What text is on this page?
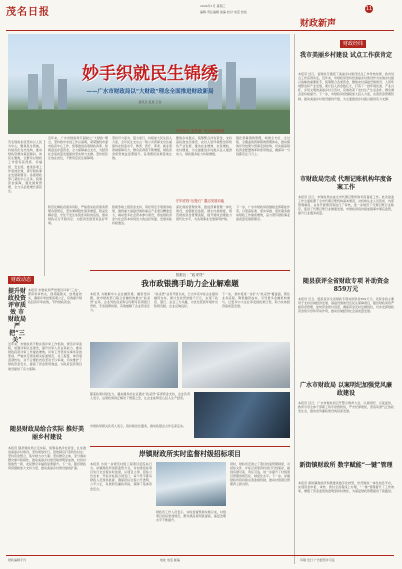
茂名日报
2024年1月 星期三
编辑 责任编辑 美编 校对 电话 热线
财政新声
11
妙手织就民生锦绣
——广水市财政局以“大财政”理念全面推进财政新局
通讯员 报道 记者
茂名财政系统坚持以人民为中心，聚焦民生领域，持续优化支出结构，推动财政资源向基层倾斜，向民生聚焦，让群众对财政工作更有获得感、幸福感、安全感，推进各项工作落地见效，谱写财政事业发展新篇章。各级财政部门紧扣中心任务，统筹资金保障，强化绩效管理，全力以赴稳增长保民生。
写好民生“必答卷” 夯实发展基础
近年来，广水市财政局牢固树立“大财政”理念，坚持稳中求进工作总基调，紧紧围绕市委市政府中心工作，统筹推进各项财政改革，积极盘活存量资金，全力保障重点支出，为经济社会高质量发展提供坚实财力支撑。坚持把民生放在首位，不断织密民生保障网。
坚持尽力而为、量力而行，持续加大民生投入力度，全年民生支出占一般公共预算支出比重保持在较高水平，教育、医疗、养老、就业等领域保障有力，群众获得感不断增强，财政资金使用效益显著提升，各项惠民政策落地生效。
聚焦乡村振兴，统筹整合涉农资金，支持高标准农田建设、农村人居环境整治和特色产业发展，推动农业增效、农民增收、农村增美，为全面推进乡村振兴注入强劲动力，财政服务能力持续增强。
强化预算绩效管理，构建全方位、全过程、全覆盖的预算绩效管理体系，推动绩效评价结果与预算安排挂钩，切实提高财政资金配置效率和使用效益，确保每一分钱都花在刀刃上。
守牢底线“压舱石” 激活发展动能
防范化解政府债务风险，严格落实政府债务管理各项规定，坚决遏制隐性债务增量，稳妥化解存量，守住不发生系统性风险的底线，推动财政运行平稳有序，为经济发展营造良好环境。
积极争取上级资金支持，用好用足专项债券政策，围绕重大基础设施和重点产业项目精准发力，撬动更多社会资本参与建设，形成财政资金与社会资本协同发力的良好局面，发展动能持续激活。
深化财政管理改革，推进预算管理一体化建设，加强财会监督，健全内控制度，规范财政资金管理流程，提升财政治理能力现代化水平，为各项事业发展保驾护航。
下一步，广水市财政局将继续发挥职能作用，以更高标准、更实举措、更优服务推动财政工作提质增效，奋力谱写财政事业高质量发展新篇章。
财政经纬
我市美丽乡村建设 试点工作获肯定
本报讯 近日，省财政厅通报了美丽乡村建设试点工作考核结果，我市试点工作获得肯定。近年来，市财政局坚持把美丽乡村建设作为实施乡村振兴战略的重要抓手，统筹整合各类资金，聚焦农村基础设施建设、人居环境整治和产业发展，累计投入资金数亿元，打造了一批环境优美、产业兴旺、乡风文明的美丽乡村示范村，有效改善了农村生产生活条件，群众满意度持续提升。下一步，市财政局将继续加大投入力度，完善资金管理机制，推动美丽乡村建设提档升级，为全面推进乡村振兴提供有力支撑。
市财政局完成 代理记账机构年度备案工作
本报讯 近日，市财政局完成全市代理记账机构年度备案工作。此次备案工作全面梳理了全市代理记账机构基本情况，对机构从业人员资质、内部管理制度、业务开展情况等进行了审核，进一步规范了代理记账行业秩序，促进了代理记账行业健康发展。市财政局将持续加强事中事后监管，提升行业服务质量。
随县获评全省财政专项 补助资金859万元
本报讯 近日，随县获评全省财政专项补助资金859万元。该资金将主要用于支持县域经济发展、基础设施建设及民生保障项目，随县财政局将严格资金管理，加快资金拨付进度，确保资金及时足额到位，切实发挥财政资金的引导和带动作用，推动县域经济社会高质量发展。
广水市财政局 以案明纪加强党风廉政建设
本报讯 近日，广水市财政局召开警示教育大会，以案明纪、以案促改，教育引导全体干部职工筑牢思想防线，严守纪律规矩，营造风清气正的政治生态，推动党风廉政建设向纵深发展。
新街镇财政所 数字赋能“一键”管理
本报讯 新街镇财政所积极推进数字化转型，依托财政一体化信息平台，实现资金申报、审核、拨付全流程线上办理，“一键”管理提升了工作效率，增强了资金监管的透明度和时效性，为基层财政管理提供了新路径。
财政动态
提升财政投资评审质效 市财政局严把“三关”
本报讯 市财政局严把项目评审“三关”，即资料审核关、现场踏勘关、结果复核关，确保评审结果客观公正，有效提升财政投资评审质效，节约财政资金。
近年来，市财政局不断完善评审工作机制，规范评审流程，加强评审队伍建设，提升评审人员业务能力，推动财政投资评审工作提质增效。评审工作坚持实事求是的原则，严格执行国家相关标准规范，对工程量、单价等逐项核实，对不合理的内容坚决予以审减，切实维护了财政资金安全，提高了资金使用效益，为政府投资项目建设提供了有力保障。
随县财政局给合实际 推好美丽乡村建设
本报讯 随县财政局立足实际，统筹各类涉农资金，扎实推进美丽乡村建设。坚持规划先行，因地制宜打造特色村庄；坚持资金整合，集中财力办大事；坚持群众主体，充分调动群众参与积极性，推动美丽乡村建设取得明显成效，村容村貌焕然一新，农民群众幸福感显著提升。下一步，随县财政局将继续加大支持力度，推动美丽乡村建设提质扩面。
曾都区：“政采贷”
我市政银携手助力企业解难题
本报讯 为破解中小企业融资难、融资贵问题，我市财政部门联合金融机构推出“政采贷”业务，企业凭政府采购合同即可获得银行贷款，无需抵押担保，有效缓解了企业资金压力。
“政采贷”业务开展以来，已为多家中标企业提供融资支持，累计发放贷款数千万元，实现了政府、银行、企业三方共赢，为优化营商环境作出积极贡献，企业反响良好。
下一步，我市将进一步扩大“政采贷”覆盖面，简化业务流程，降低融资成本，引导更多金融机构参与，让更多中小企业享受到政策红利，助力实体经济高质量发展。
随着政策持续发力，越来越多的企业通过“政采贷”获得资金支持，企业负责人表示，这项政策真正解决了燃眉之急，让企业能够安心投入生产经营。
市财政局相关负责人表示，将持续优化服务，推动政银企合作走深走实。
岸镇财政所实时监督村级招标项目
本报讯 为进一步规范村级工程项目招投标行为，岸镇财政所创新监管方式，对村级招标项目实行全过程实时监督，从项目立项、招标公告发布、开标评标到合同签订，每个环节都有财政人员现场监督，确保招标过程公开透明、公平公正，有效防范廉政风险，保障了集体资金安全。
财政所工作人员表示，实时监督机制实施以来，村级项目招标更加规范，群众满意度明显提高，基层治理水平不断提升。
同时，财政所还建立了项目档案管理制度，对招标文件、评标记录等资料进行归档保存，做到有据可查、责任可追，进一步提升了村级项目管理的规范化、制度化水平。下一步，岸镇财政所将持续完善监督机制，推动村级项目管理再上新台阶。
财政编辑专刊	地址 电话 邮编	印刷 发行 广告经营许可证
